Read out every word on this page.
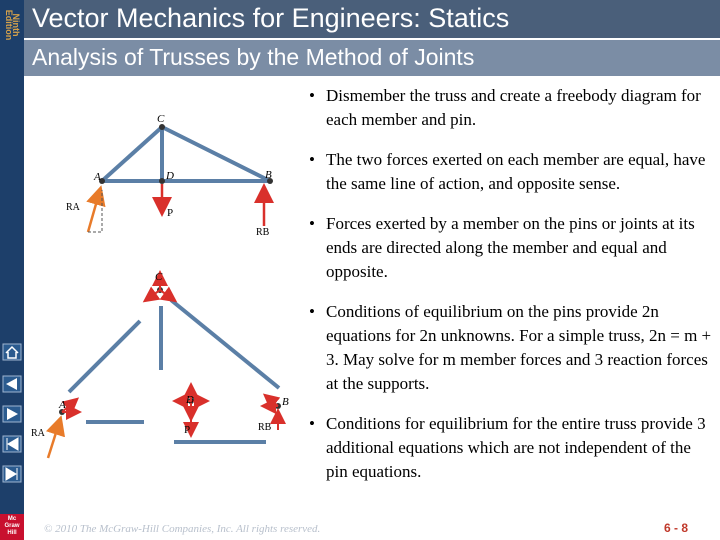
Ninth Edition
Mc Graw Hill
Vector Mechanics for Engineers: Statics
Analysis of Trusses by the Method of Joints
C
A	D	B
P
RA
RB
C
A	D	B
P
RA
RB
• Dismember the truss and create a freebody diagram for each member and pin.
• The two forces exerted on each member are equal, have the same line of action, and opposite sense.
• Forces exerted by a member on the pins or joints at its ends are directed along the member and equal and opposite.
• Conditions of equilibrium on the pins provide 2n equations for 2n unknowns. For a simple truss, 2n = m + 3. May solve for m member forces and 3 reaction forces at the supports.
• Conditions for equilibrium for the entire truss provide 3 additional equations which are not independent of the pin equations.
© 2010 The McGraw-Hill Companies, Inc. All rights reserved.	6 - 8
